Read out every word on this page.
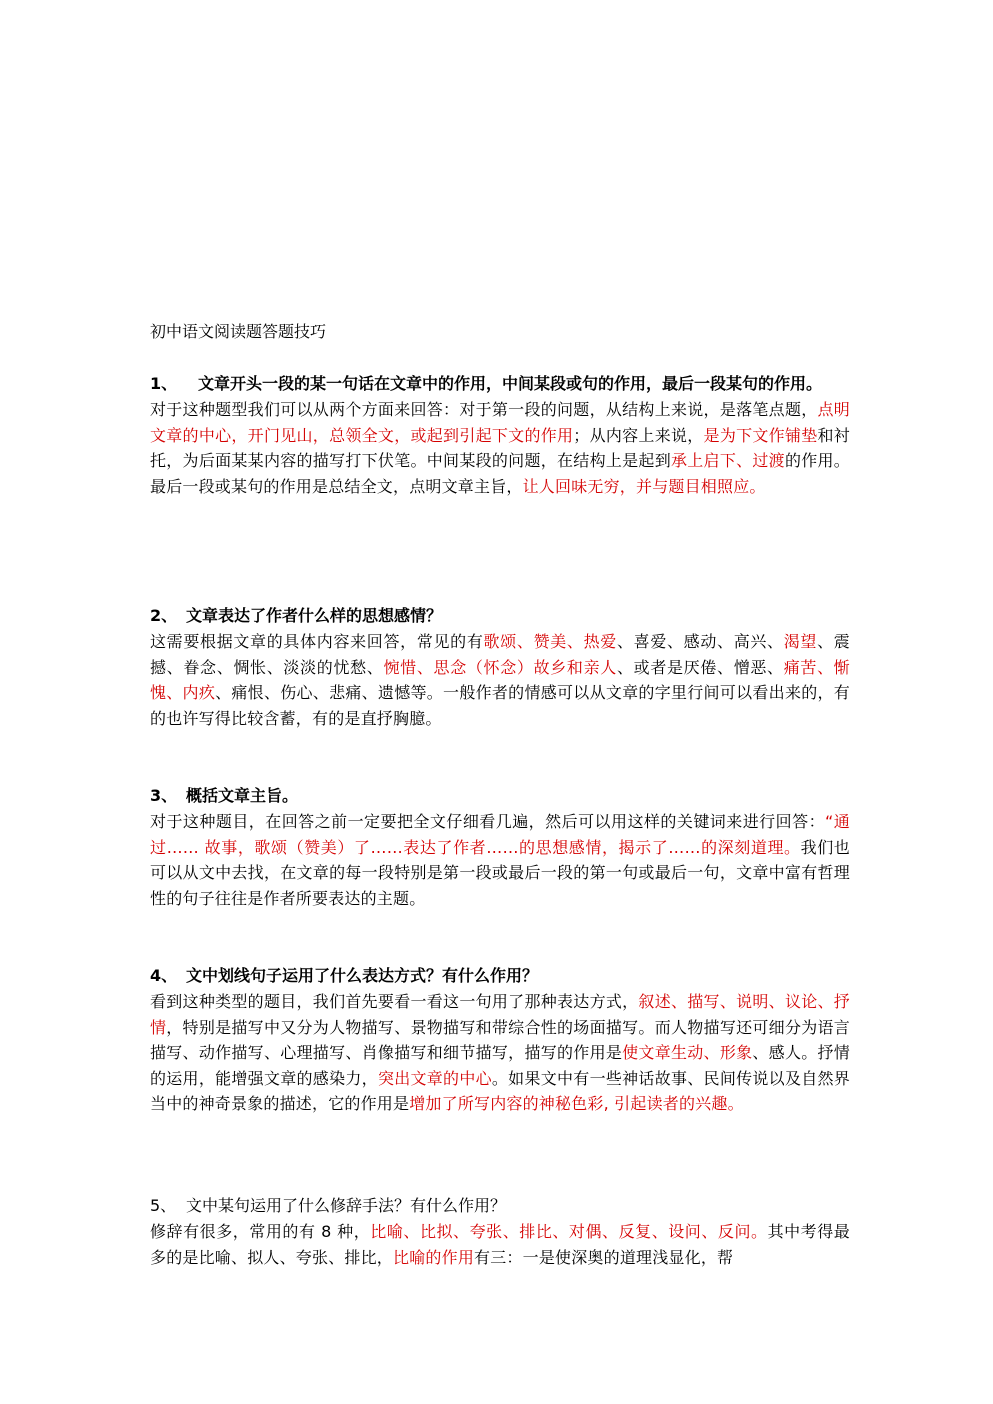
初中语文阅读题答题技巧

1、 文章开头一段的某一句话在文章中的作用，中间某段或句的作用，最后一段某句的作用。

对于这种题型我们可以从两个方面来回答：对于第一段的问题，从结构上来说，是落笔点题，点明文章的中心，开门见山，总领全文，或起到引起下文的作用；从内容上来说，是为下文作铺垫和衬托，为后面某某内容的描写打下伏笔。中间某段的问题，在结构上是起到承上启下、过渡的作用。最后一段或某句的作用是总结全文，点明文章主旨，让人回味无穷，并与题目相照应。

2、 文章表达了作者什么样的思想感情？

这需要根据文章的具体内容来回答，常见的有歌颂、赞美、热爱、喜爱、感动、高兴、渴望、震撼、眷念、惆怅、淡淡的忧愁、惋惜、思念（怀念）故乡和亲人、或者是厌倦、憎恶、痛苦、惭愧、内疚、痛恨、伤心、悲痛、遗憾等。一般作者的情感可以从文章的字里行间可以看出来的，有的也许写得比较含蓄，有的是直抒胸臆。

3、 概括文章主旨。

对于这种题目，在回答之前一定要把全文仔细看几遍，然后可以用这样的关键词来进行回答：“通过…… 故事，歌颂（赞美）了……表达了作者……的思想感情，揭示了……的深刻道理。我们也可以从文中去找，在文章的每一段特别是第一段或最后一段的第一句或最后一句，文章中富有哲理性的句子往往是作者所要表达的主题。

4、 文中划线句子运用了什么表达方式？有什么作用？

看到这种类型的题目，我们首先要看一看这一句用了那种表达方式，叙述、描写、说明、议论、抒情，特别是描写中又分为人物描写、景物描写和带综合性的场面描写。而人物描写还可细分为语言描写、动作描写、心理描写、肖像描写和细节描写，描写的作用是使文章生动、形象、感人。抒情的运用，能增强文章的感染力，突出文章的中心。如果文中有一些神话故事、民间传说以及自然界当中的神奇景象的描述，它的作用是增加了所写内容的神秘色彩, 引起读者的兴趣。

5、 文中某句运用了什么修辞手法？有什么作用？

修辞有很多，常用的有 8 种，比喻、比拟、夸张、排比、对偶、反复、设问、反问。其中考得最多的是比喻、拟人、夸张、排比，比喻的作用有三：一是使深奥的道理浅显化，帮
